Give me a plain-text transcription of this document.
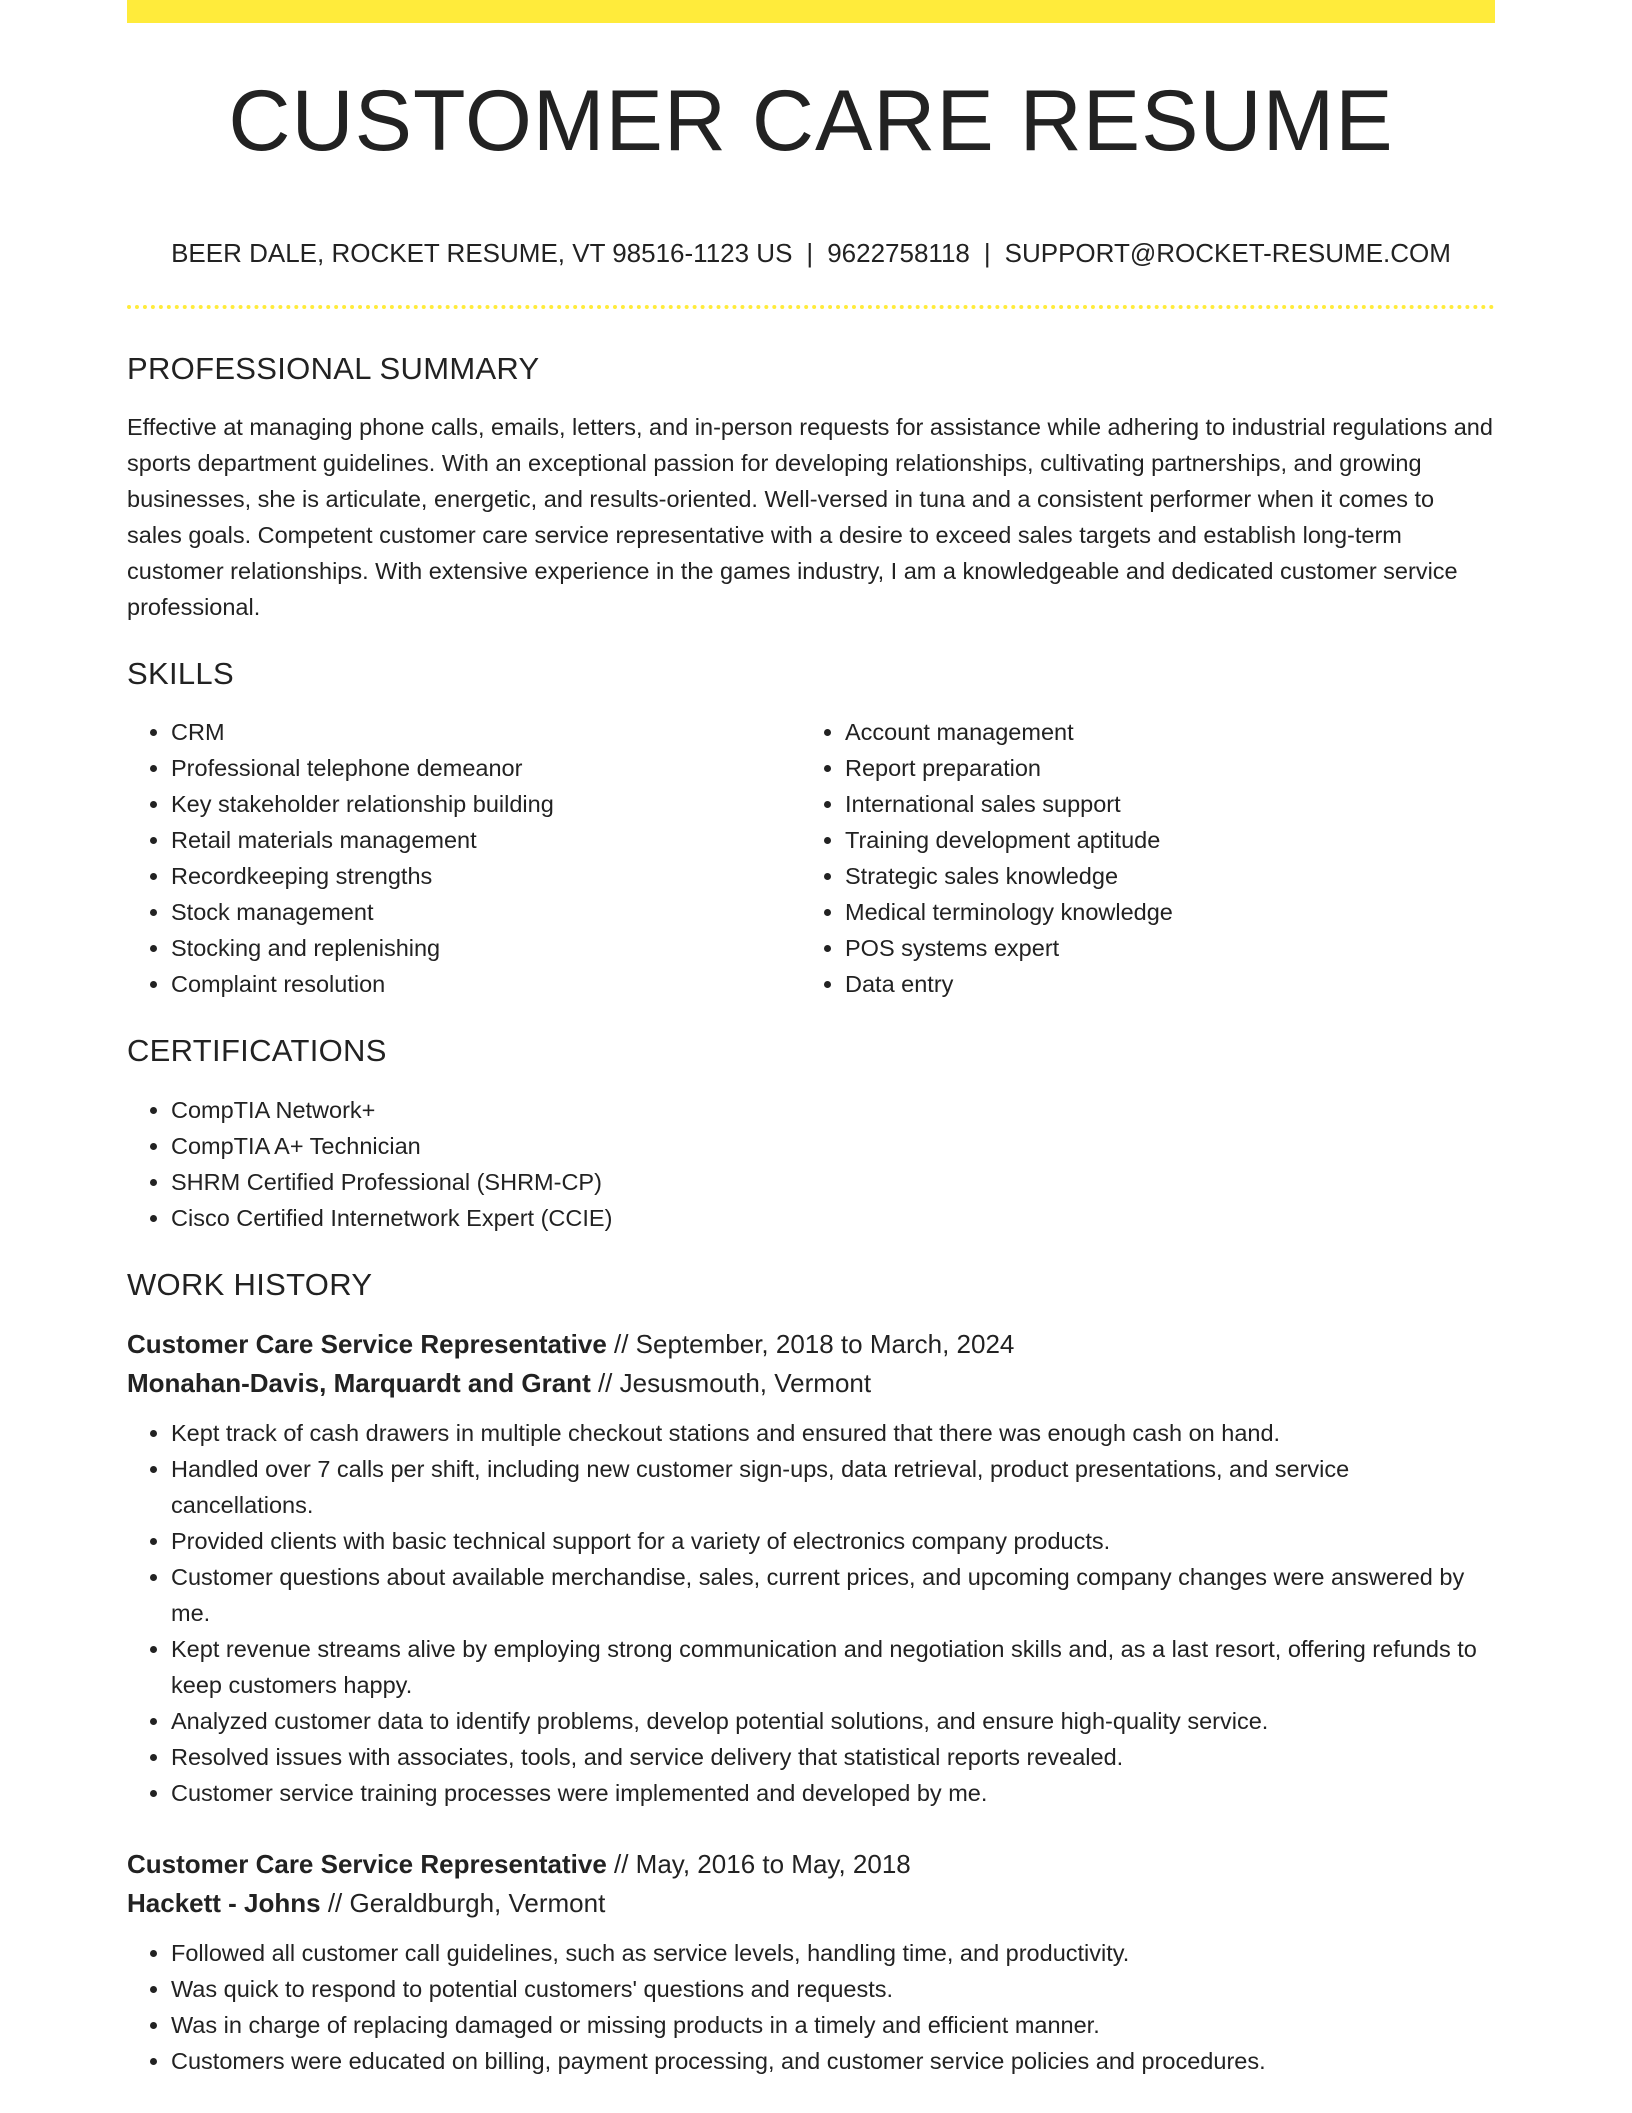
CUSTOMER CARE RESUME
BEER DALE, ROCKET RESUME, VT 98516-1123 US | 9622758118 | SUPPORT@ROCKET-RESUME.COM
PROFESSIONAL SUMMARY

Effective at managing phone calls, emails, letters, and in-person requests for assistance while adhering to industrial regulations and sports department guidelines. With an exceptional passion for developing relationships, cultivating partnerships, and growing businesses, she is articulate, energetic, and results-oriented. Well-versed in tuna and a consistent performer when it comes to sales goals. Competent customer care service representative with a desire to exceed sales targets and establish long-term customer relationships. With extensive experience in the games industry, I am a knowledgeable and dedicated customer service professional.

SKILLS
• CRM
• Professional telephone demeanor
• Key stakeholder relationship building
• Retail materials management
• Recordkeeping strengths
• Stock management
• Stocking and replenishing
• Complaint resolution
• Account management
• Report preparation
• International sales support
• Training development aptitude
• Strategic sales knowledge
• Medical terminology knowledge
• POS systems expert
• Data entry
CERTIFICATIONS
• CompTIA Network+
• CompTIA A+ Technician
• SHRM Certified Professional (SHRM-CP)
• Cisco Certified Internetwork Expert (CCIE)
WORK HISTORY
Customer Care Service Representative // September, 2018 to March, 2024
Monahan-Davis, Marquardt and Grant // Jesusmouth, Vermont
• Kept track of cash drawers in multiple checkout stations and ensured that there was enough cash on hand.
• Handled over 7 calls per shift, including new customer sign-ups, data retrieval, product presentations, and service cancellations.
• Provided clients with basic technical support for a variety of electronics company products.
• Customer questions about available merchandise, sales, current prices, and upcoming company changes were answered by me.
• Kept revenue streams alive by employing strong communication and negotiation skills and, as a last resort, offering refunds to keep customers happy.
• Analyzed customer data to identify problems, develop potential solutions, and ensure high-quality service.
• Resolved issues with associates, tools, and service delivery that statistical reports revealed.
• Customer service training processes were implemented and developed by me.
Customer Care Service Representative // May, 2016 to May, 2018
Hackett - Johns // Geraldburgh, Vermont
• Followed all customer call guidelines, such as service levels, handling time, and productivity.
• Was quick to respond to potential customers' questions and requests.
• Was in charge of replacing damaged or missing products in a timely and efficient manner.
• Customers were educated on billing, payment processing, and customer service policies and procedures.
